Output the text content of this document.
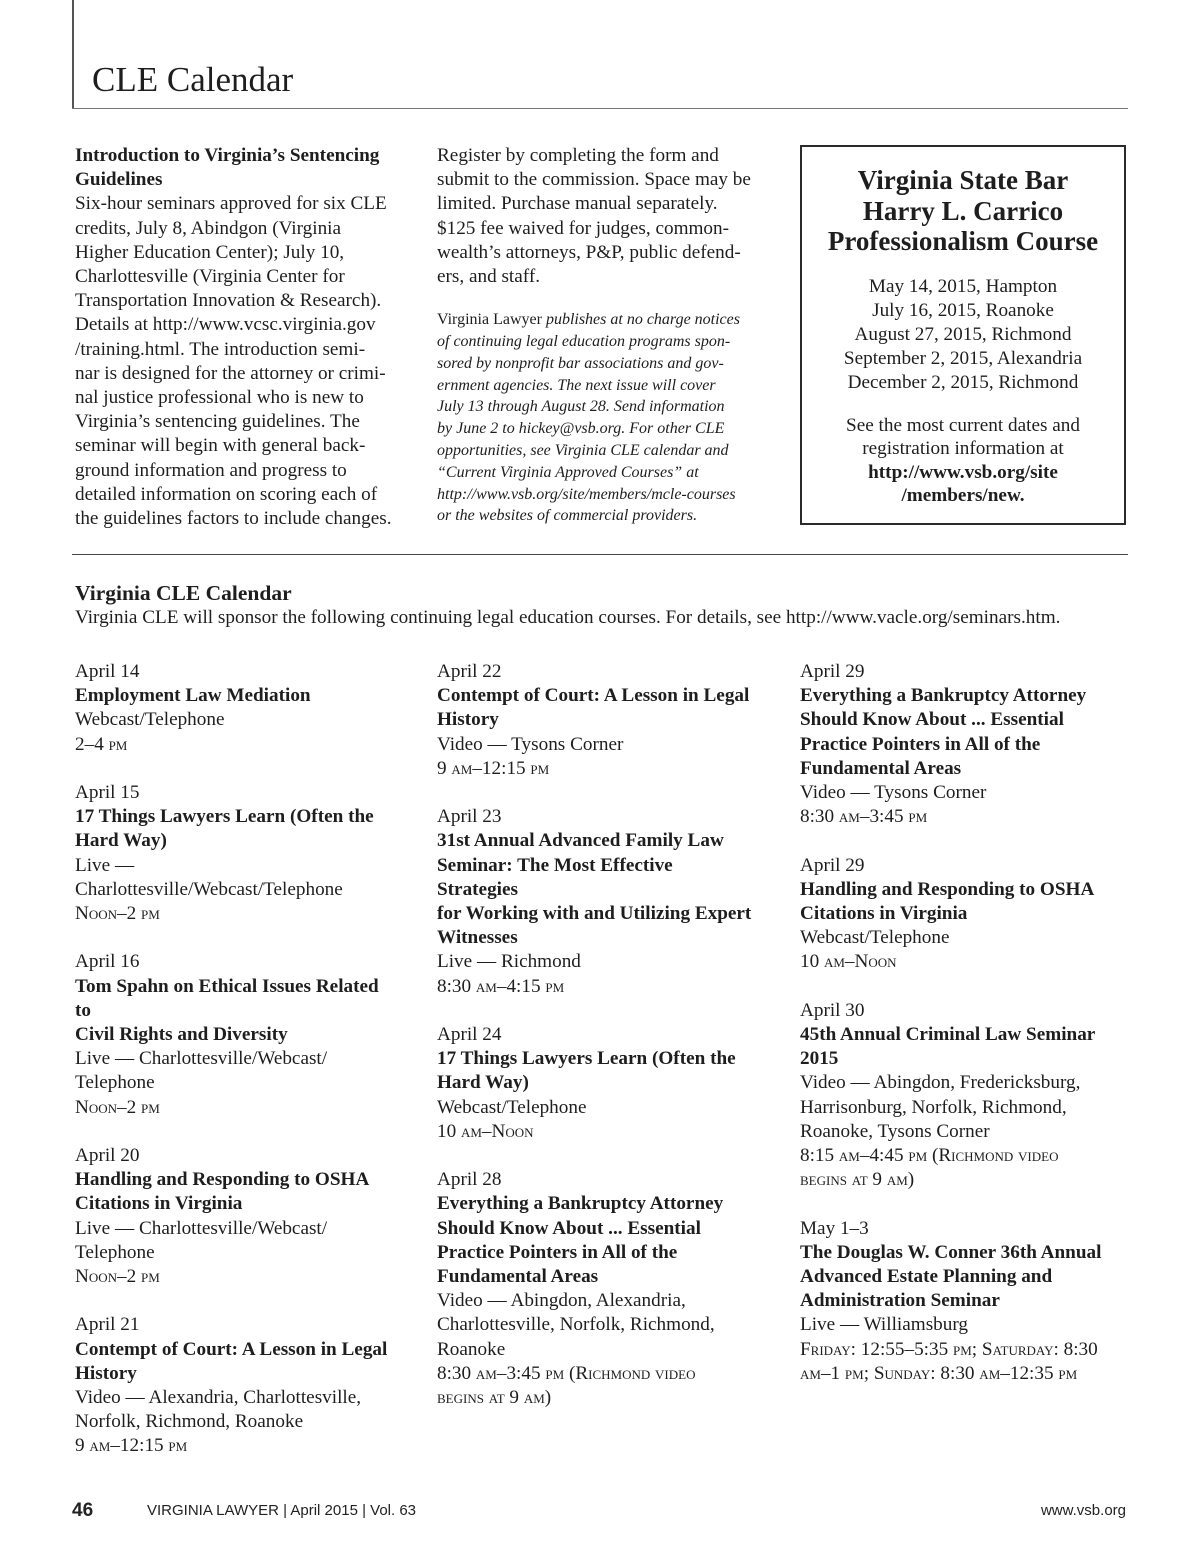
CLE Calendar
Introduction to Virginia’s Sentencing Guidelines
Six-hour seminars approved for six CLE
credits, July 8, Abindgon (Virginia
Higher Education Center); July 10,
Charlottesville (Virginia Center for
Transportation Innovation & Research).
Details at http://www.vcsc.virginia.gov
/training.html. The introduction semi-
nar is designed for the attorney or crimi-
nal justice professional who is new to
Virginia’s sentencing guidelines. The
seminar will begin with general back-
ground information and progress to
detailed information on scoring each of
the guidelines factors to include changes.
Register by completing the form and
submit to the commission. Space may be
limited. Purchase manual separately.
$125 fee waived for judges, common-
wealth’s attorneys, P&P, public defend-
ers, and staff.
Virginia Lawyer publishes at no charge notices
of continuing legal education programs spon-
sored by nonprofit bar associations and gov-
ernment agencies. The next issue will cover
July 13 through August 28. Send information
by June 2 to hickey@vsb.org. For other CLE
opportunities, see Virginia CLE calendar and
“Current Virginia Approved Courses” at
http://www.vsb.org/site/members/mcle-courses
or the websites of commercial providers.
Virginia State Bar
Harry L. Carrico
Professionalism Course
May 14, 2015, Hampton
July 16, 2015, Roanoke
August 27, 2015, Richmond
September 2, 2015, Alexandria
December 2, 2015, Richmond
See the most current dates and
registration information at
http://www.vsb.org/site
/members/new.
Virginia CLE Calendar
Virginia CLE will sponsor the following continuing legal education courses. For details, see http://www.vacle.org/seminars.htm.
April 14
Employment Law Mediation
Webcast/Telephone
2–4 pm
April 15
17 Things Lawyers Learn (Often the
Hard Way)
Live —
Charlottesville/Webcast/Telephone
Noon–2 pm
April 16
Tom Spahn on Ethical Issues Related to
Civil Rights and Diversity
Live — Charlottesville/Webcast/
Telephone
Noon–2 pm
April 20
Handling and Responding to OSHA
Citations in Virginia
Live — Charlottesville/Webcast/
Telephone
Noon–2 pm
April 21
Contempt of Court: A Lesson in Legal
History
Video — Alexandria, Charlottesville,
Norfolk, Richmond, Roanoke
9 am–12:15 pm
April 22
Contempt of Court: A Lesson in Legal
History
Video — Tysons Corner
9 am–12:15 pm
April 23
31st Annual Advanced Family Law
Seminar: The Most Effective Strategies
for Working with and Utilizing Expert
Witnesses
Live — Richmond
8:30 am–4:15 pm
April 24
17 Things Lawyers Learn (Often the
Hard Way)
Webcast/Telephone
10 am–Noon
April 28
Everything a Bankruptcy Attorney
Should Know About ... Essential
Practice Pointers in All of the
Fundamental Areas
Video — Abingdon, Alexandria,
Charlottesville, Norfolk, Richmond,
Roanoke
8:30 am–3:45 pm (Richmond video
begins at 9 am)
April 29
Everything a Bankruptcy Attorney
Should Know About ... Essential
Practice Pointers in All of the
Fundamental Areas
Video — Tysons Corner
8:30 am–3:45 pm
April 29
Handling and Responding to OSHA
Citations in Virginia
Webcast/Telephone
10 am–Noon
April 30
45th Annual Criminal Law Seminar
2015
Video — Abingdon, Fredericksburg,
Harrisonburg, Norfolk, Richmond,
Roanoke, Tysons Corner
8:15 am–4:45 pm (Richmond video
begins at 9 am)
May 1–3
The Douglas W. Conner 36th Annual
Advanced Estate Planning and
Administration Seminar
Live — Williamsburg
Friday: 12:55–5:35 pm; Saturday: 8:30
am–1 pm; Sunday: 8:30 am–12:35 pm
46	VIRGINIA LAWYER | April 2015 | Vol. 63	www.vsb.org
